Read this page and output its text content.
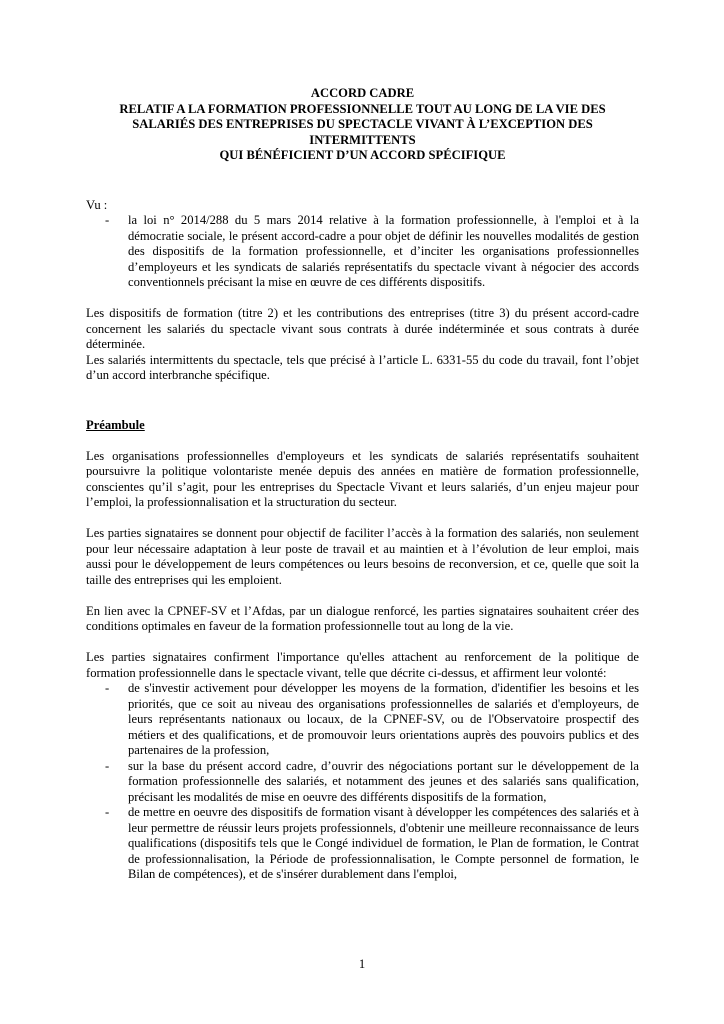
ACCORD CADRE
RELATIF A LA FORMATION PROFESSIONNELLE TOUT AU LONG DE LA VIE DES
SALARIÉS DES ENTREPRISES DU SPECTACLE VIVANT À L’EXCEPTION DES
INTERMITTENTS
QUI BÉNÉFICIENT D’UN ACCORD SPÉCIFIQUE
Vu :
- la loi n° 2014/288 du 5 mars 2014 relative à la formation professionnelle, à l'emploi et à la démocratie sociale, le présent accord-cadre a pour objet de définir les nouvelles modalités de gestion des dispositifs de la formation professionnelle, et d’inciter les organisations professionnelles d’employeurs et les syndicats de salariés représentatifs du spectacle vivant à négocier des accords conventionnels précisant la mise en œuvre de ces différents dispositifs.

Les dispositifs de formation (titre 2) et les contributions des entreprises (titre 3) du présent accord-cadre concernent les salariés du spectacle vivant sous contrats à durée indéterminée et sous contrats à durée déterminée.

Les salariés intermittents du spectacle, tels que précisé à l’article L. 6331-55 du code du travail, font l’objet d’un accord interbranche spécifique.

Préambule

Les organisations professionnelles d'employeurs et les syndicats de salariés représentatifs souhaitent poursuivre la politique volontariste menée depuis des années en matière de formation professionnelle, conscientes qu’il s’agit, pour les entreprises du Spectacle Vivant et leurs salariés, d’un enjeu majeur pour l’emploi, la professionnalisation et la structuration du secteur.

Les parties signataires se donnent pour objectif de faciliter l’accès à la formation des salariés, non seulement pour leur nécessaire adaptation à leur poste de travail et au maintien et à l’évolution de leur emploi, mais aussi pour le développement de leurs compétences ou leurs besoins de reconversion, et ce, quelle que soit la taille des entreprises qui les emploient.

En lien avec la CPNEF-SV et l’Afdas, par un dialogue renforcé, les parties signataires souhaitent créer des conditions optimales en faveur de la formation professionnelle tout au long de la vie.

Les parties signataires confirment l'importance qu'elles attachent au renforcement de la politique de formation professionnelle dans le spectacle vivant, telle que décrite ci-dessus, et affirment leur volonté:

- de s'investir activement pour développer les moyens de la formation, d'identifier les besoins et les priorités, que ce soit au niveau des organisations professionnelles de salariés et d'employeurs, de leurs représentants nationaux ou locaux, de la CPNEF-SV, ou de l'Observatoire prospectif des métiers et des qualifications, et de promouvoir leurs orientations auprès des pouvoirs publics et des partenaires de la profession,
- sur la base du présent accord cadre, d’ouvrir des négociations portant sur le développement de la formation professionnelle des salariés, et notamment des jeunes et des salariés sans qualification, précisant les modalités de mise en oeuvre des différents dispositifs de la formation,
- de mettre en oeuvre des dispositifs de formation visant à développer les compétences des salariés et à leur permettre de réussir leurs projets professionnels, d'obtenir une meilleure reconnaissance de leurs qualifications (dispositifs tels que le Congé individuel de formation, le Plan de formation, le Contrat de professionnalisation, la Période de professionnalisation, le Compte personnel de formation, le Bilan de compétences), et de s'insérer durablement dans l'emploi,
1
